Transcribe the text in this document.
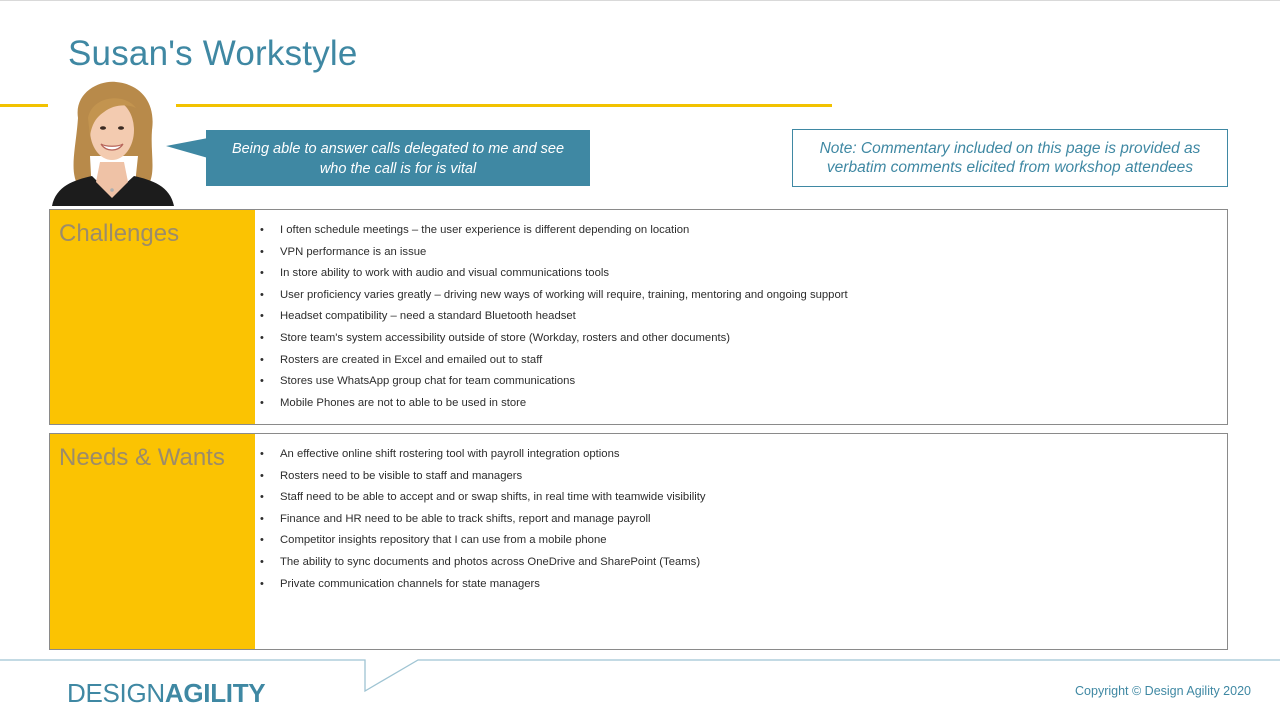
Susan's Workstyle
Being able to answer calls delegated to me and see who the call is for is vital
Note: Commentary included on this page is provided as verbatim comments elicited from workshop attendees
Challenges	• I often schedule meetings – the user experience is different depending on location
• VPN performance is an issue
• In store ability to work with audio and visual communications tools
• User proficiency varies greatly – driving new ways of working will require, training, mentoring and ongoing support
• Headset compatibility – need a standard Bluetooth headset
• Store team's system accessibility outside of store (Workday, rosters and other documents)
• Rosters are created in Excel and emailed out to staff
• Stores use WhatsApp group chat for team communications
• Mobile Phones are not to able to be used in store
Needs & Wants	• An effective online shift rostering tool with payroll integration options
• Rosters need to be visible to staff and managers
• Staff need to be able to accept and or swap shifts, in real time with teamwide visibility
• Finance and HR need to be able to track shifts, report and manage payroll
• Competitor insights repository that I can use from a mobile phone
• The ability to sync documents and photos across OneDrive and SharePoint (Teams)
• Private communication channels for state managers
DESIGNAGILITY	Copyright © Design Agility 2020
